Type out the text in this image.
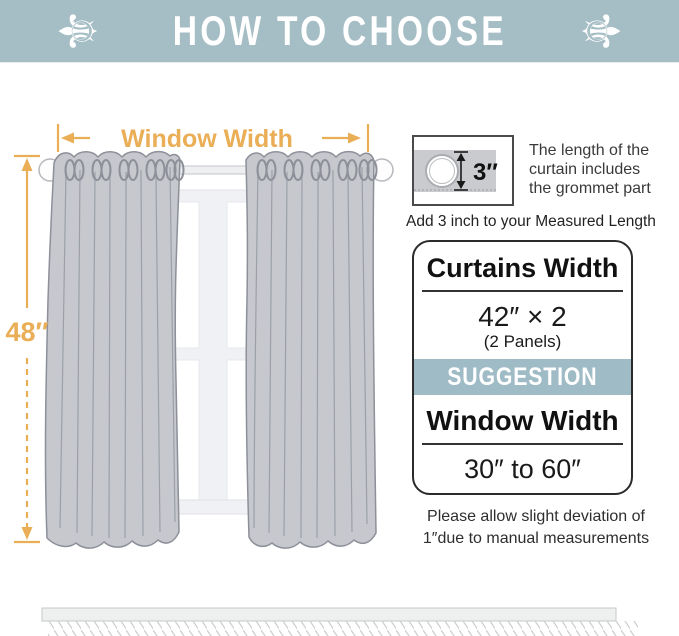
⚜ HOW TO CHOOSE ⚜
Window Width
48″
3″
The length of the
curtain includes
the grommet part
Add 3 inch to your Measured Length
Curtains Width
42″ × 2
(2 Panels)
SUGGESTION
Window Width
30″ to 60″
Please allow slight deviation of
1″due to manual measurements
